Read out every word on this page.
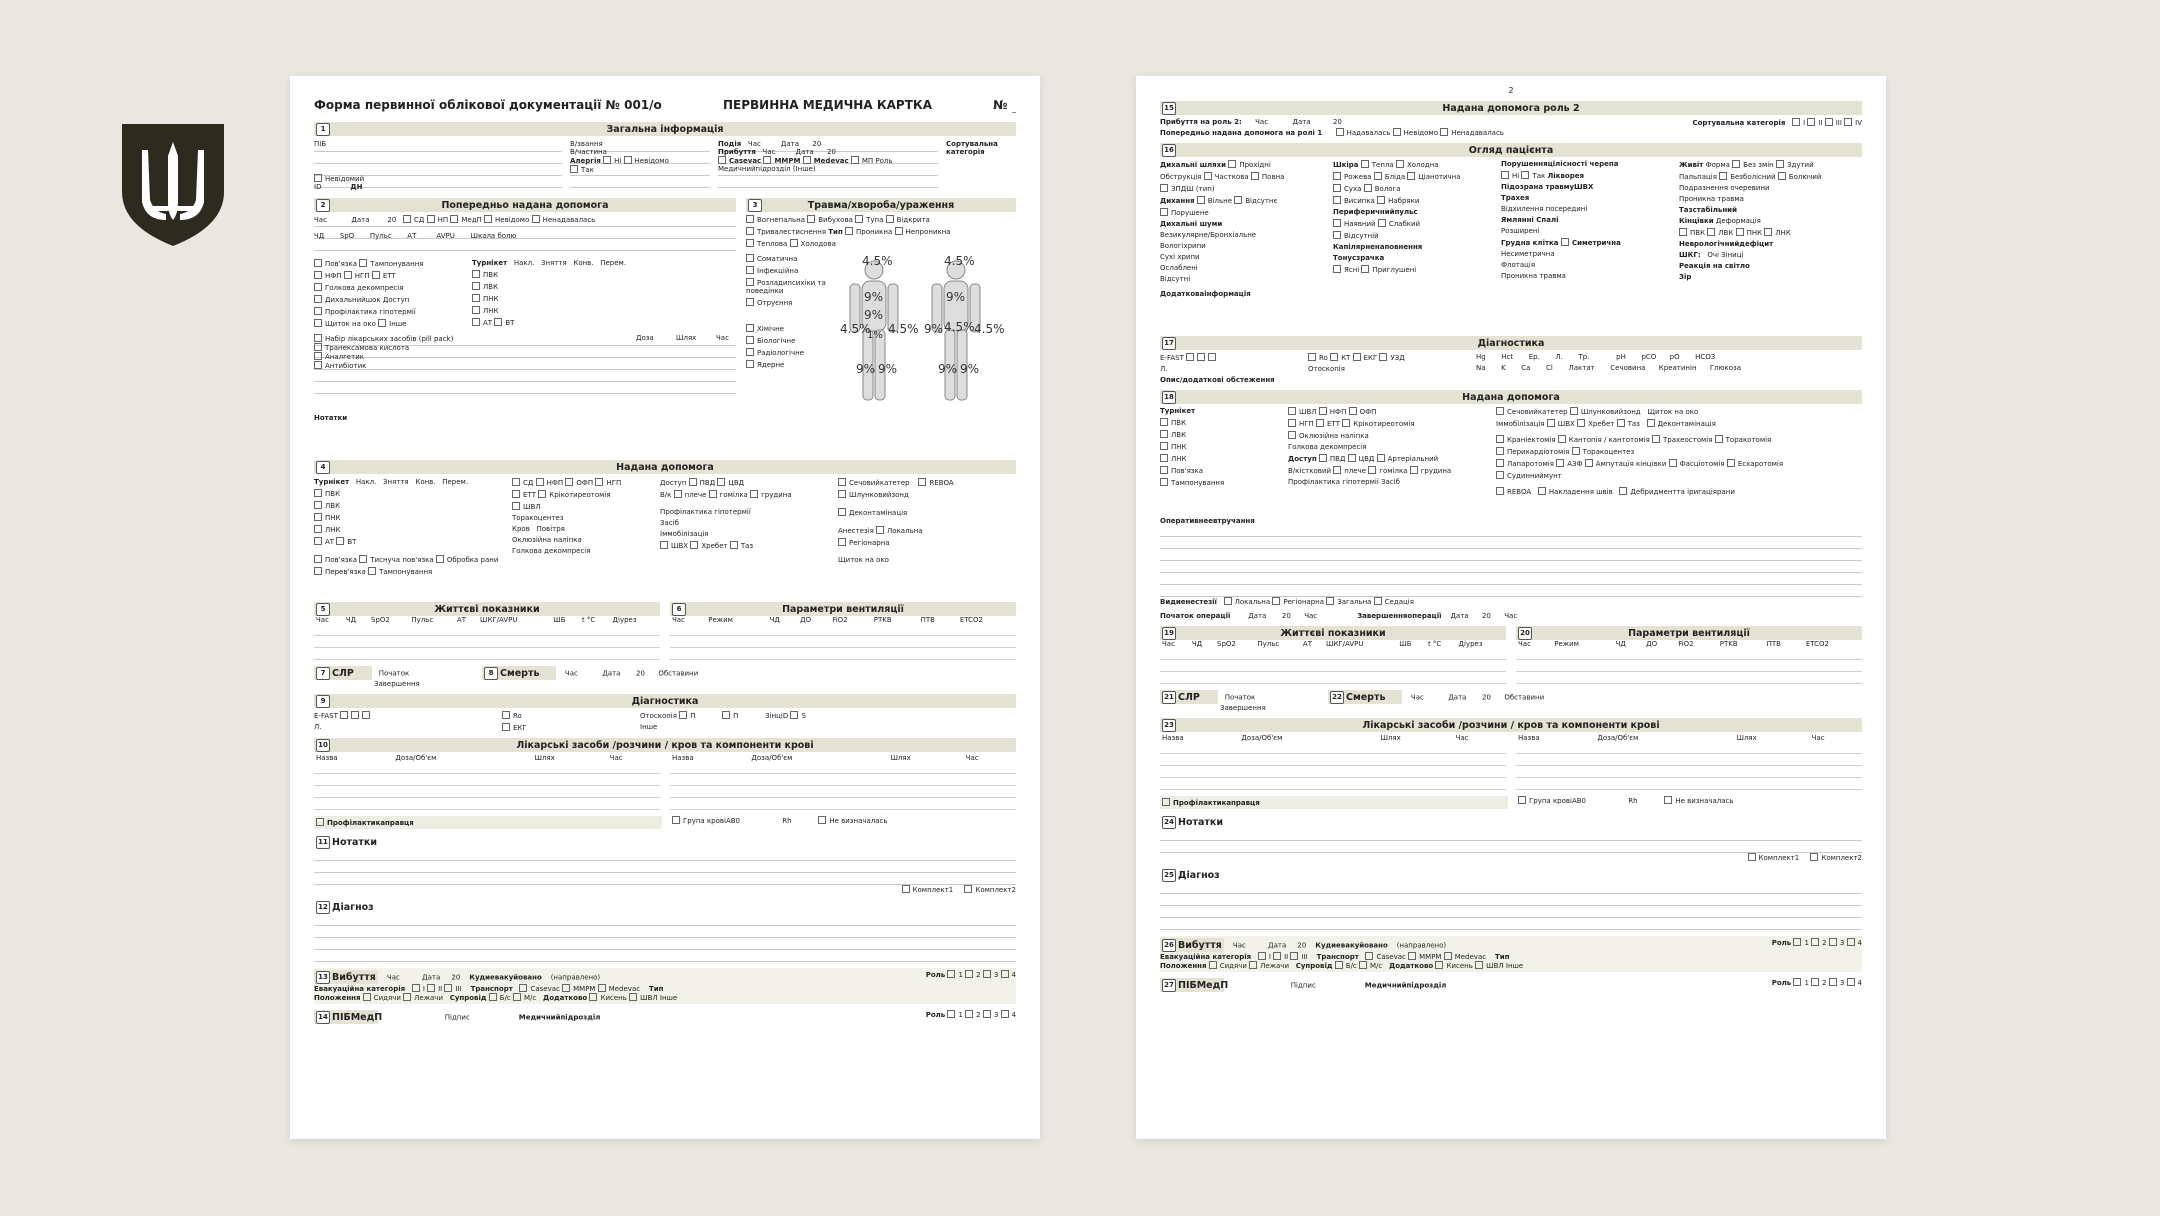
Форма первинної облікової документації № 001/о	ПЕРВИННА МЕДИЧНА КАРТКА	№
1	Загальна інформація
ПІБ
Невідомий
ID	ДН
В/звання
В/частина
Алергія Ні Невідомо
Так
Подія Час	Дата 20
Прибуття Час	Дата 20
Casevac MMPM Medevac МП Роль
Медичнийпідрозділ (Інше)
Сортувальна категорія
2	Попередньо надана допомога
Час	Дата	20	СД НП МедП Невідомо Ненадавалась
ЧД SpO Пульс АТ	AVPU Шкала болю
Пов'язка Тампонування
НФП НГП ЕТТ
Голкова декомпресія
Дихальнийшок Доступ
Профілактика гіпотермії
Щиток на око Інше
Турнікет Накл. Зняття Конв. Перем.
ПВК
ЛВК
ПНК
ЛНК
АТ ВТ
Набір лікарських засобів (pill pack)	Доза	Шлях	Час
Транексамова кислота
Аналгетик
Антибіотик
Нотатки
3	Травма/хвороба/ураження
Вогнепальна Вибухова Тупа Відкрита
Тривалестиснення Тип Проникна Непроникна
Теплова Холодова
Соматична
Інфекційна
Розладипсихіки та поведінки
Отруєння
Хімічне
Біологічне
Радіологічне
Ядерне
4.5%
9%
9%
4.5%
1% 4.5%
9% 9%
4.5%
9%
4.5%
9%	4.5%
9% 9%
4	Надана допомога
Турнікет Накл. Зняття Конв. Перем.
ПВК
ЛВК
ПНК
ЛНК
АТ ВТ
Пов'язка Тиснуча пов'язка Обробка рани
Перев'язка Тампонування
СД НФП ОФП НГП
ЕТТ Крікотиреотомія
ШВЛ
Торакоцентез
Кров Повітря
Оклюзійна наліпка
Голкова декомпресія
Доступ ПВД ЦВД
В/к плече гомілка грудина
Профілактика гіпотермії
Засіб
Іммобілізація
ШВХ Хребет Таз
Сечовийкатетер	REBOA
Шлунковийзонд
Деконтамінація
Анестезія Локальна
Регіонарна
Щиток на око
5	Життєві показники
Час	ЧД	SpO2	Пульс	АТ	ШКГ/AVPU	ШБ	t °C	Діурез

6	Параметри вентиляції
Час	Режим	ЧД	ДО	FiO2	PTKB	ПТВ	ETCO2

7 СЛР	Початок
Завершення
8 Смерть	Час	Дата 20 Обставини
9	Діагностика
E-FAST
Л.
Ro
ЕКГ
Отоскопія П	П	ЗінціD S
Інше
10	Лікарські засоби /розчини / кров та компоненти крові
Назва	Доза/Об'єм	Шлях	Час

				Назва	Доза/Об'єм	Шлях	Час

Профілактикаправця	Група кровіАВ0	Rh	Не визначалась
11 Нотатки
Комплект1	Комплект2
12 Діагноз
13 Вибуття Час	Дата 20 Кудиевакуйовано (направлено)	Роль 1 2 3 4
Евакуаційна категорія	I II III    Транспорт	Casevac MMPM Medevac Тип
Положення Сидячи Лежачи Супровід Б/с М/с Додатково Кисень ШВЛ Інше
14 ПІБМедП	Підпис	Медичнийпідрозділ	Роль 1 2 3 4
2
15	Надана допомога роль 2
Прибуття на роль 2: Час	Дата	20	Сортувальна категорія	I II III IV
Попередньо надана допомога на ролі 1	Надавалась Невідомо Ненадавалась
16	Огляд пацієнта
Дихальні шляхи Прохідні
Обструкція Часткова Повна
ЗПДШ (тип)
Дихання Вільне Відсутнє
Порушене
Дихальні шуми
Везикулярне/Бронхіальне
Вологіхрипи
Сухі хрипи
Ослаблені
Відсутні
Додатковаінформація
Шкіра Тепла Холодна
Рожева Бліда Ціанотична
Суха Волога
Висипка Набряки
Периферичнийпульс
Наявний Слабкий
Відсутній
Капілярненаповнення
Тонусзрачка
Ясні Приглушені
Порушенняцілісності черепа
Ні Так Лікворея
Підозрана травмуШВХ
Трахея
Відхилення посередині
Ямлянні Спалі
Розширені
Грудна клітка Симетрична
Несиметрична
Флотація
Проникна травма
Живіт Форма Без змін Здутий
Пальпація Безболісний Болючий
Подразнення очеревини
Проникна травма
Тазстабільний
Кінцівки Деформація
ПВК ЛВК ПНК ЛНК
Неврологічнийдефіцит
ШКГ: Очі Зіниці
Реакція на світло
Зір
17	Діагностика
E-FAST
Л.
Ro КТ ЕКГ УЗД
Отоскопія
Hg Hct Ер. Л. Тр.	pH pCO pO HCO3
Na K Ca Cl Лактат Сечовина Креатинін Глюкоза
Опис/додаткові обстеження
18	Надана допомога
Турнікет
ПВК
ЛВК
ПНК
ЛНК
Пов'язка
Тампонування
ШВЛ НФП ОФП
НГП ЕТТ Крікотиреотомія
Оклюзійна наліпка
Голкова декомпресія
Доступ ПВД ЦВД Артеріальний
В/кістковий плече гомілка грудина
Профілактика гіпотермії Засіб
Сечовийкатетер Шлунковийзонд Щиток на око
Іммобілізація ШВХ Хребет Таз	Деконтамінація
Краніектомія Кантопія / кантотомія Трахеостомія Торакотомія
Перикардіотомія Торакоцентез
Лапаротомія АЗФ Ампутація кінцівки Фасціотомія Есхаротомія
Судинниймунт
REBOA	Накладення швів	Дебридментта іригаціярани
Оперативнеевтручання
Видиенестезії	Локальна Регіонарна Загальна Седація
Початок операції	Дата 20 Час	Завершенняоперації Дата 20 Час
19	Життєві показники
Час	ЧД	SpO2	Пульс	АТ	ШКГ/AVPU	ШБ	t °C	Діурез

20	Параметри вентиляції
Час	Режим	ЧД	ДО	FiO2	PTKB	ПТВ	ETCO2

21 СЛР	Початок
Завершення
22 Смерть	Час	Дата 20 Обставини
23	Лікарські засоби /розчини / кров та компоненти крові
Назва	Доза/Об'єм	Шлях	Час

				Назва	Доза/Об'єм	Шлях	Час

Профілактикаправця	Група кровіАВ0	Rh	Не визначалась
24 Нотатки
Комплект1	Комплект2
25 Діагноз
26 Вибуття Час	Дата 20 Кудиевакуйовано (направлено)	Роль 1 2 3 4
Евакуаційна категорія	I II III    Транспорт	Casevac MMPM Medevac Тип
Положення Сидячи Лежачи Супровід Б/с М/с Додатково Кисень ШВЛ Інше
27 ПІБМедП	Підпис	Медичнийпідрозділ	Роль 1 2 3 4
